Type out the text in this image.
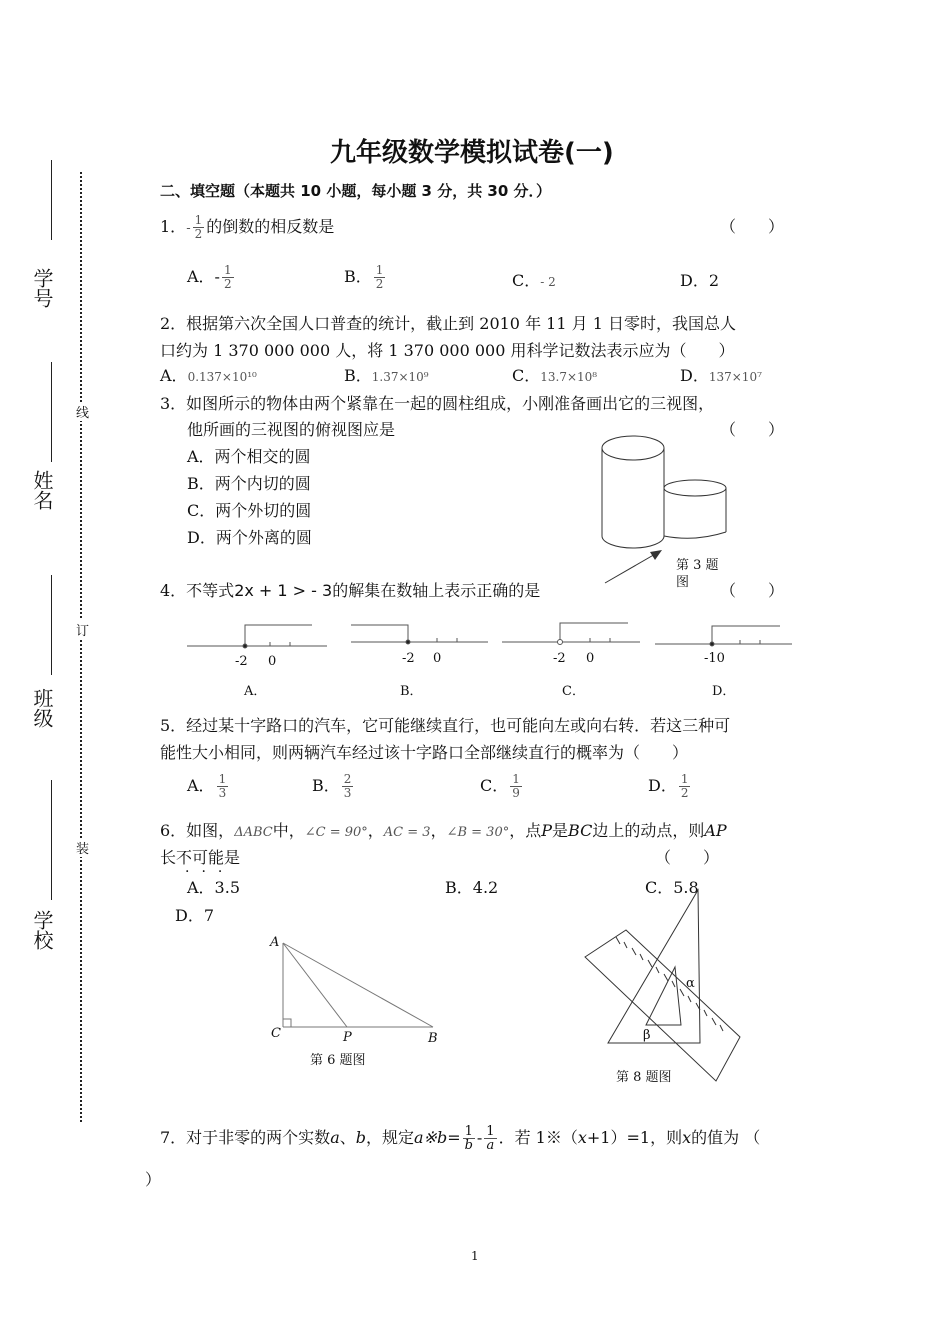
九年级数学模拟试卷(一)
二、填空题（本题共 10 小题，每小题 3 分，共 30 分．）
学号
姓名
班级
学校
线
订
装
1．- $\frac{1}{2}$ 的倒数的相反数是	（　　）
A．- $\frac{1}{2}$	B． $\frac{1}{2}$	C．- 2	D．2
2．根据第六次全国人口普查的统计，截止到 2010 年 11 月 1 日零时，我国总人
口约为 1 370 000 000 人，将 1 370 000 000 用科学记数法表示应为（　　）
A．0.137×10¹⁰	B．1.37×10⁹	C．13.7×10⁸	D．137×10⁷
3．如图所示的物体由两个紧靠在一起的圆柱组成，小刚准备画出它的三视图，
他所画的三视图的俯视图应是	（　　）
A．两个相交的圆
B．两个内切的圆
C．两个外切的圆
D．两个外离的圆
第 3 题
图
4．不等式2x + 1 > - 3的解集在数轴上表示正确的是	（　　）
-2 0
A．
-2 0
B．
-2 0
C．
-10
D．
5．经过某十字路口的汽车，它可能继续直行，也可能向左或向右转．若这三种可
能性大小相同，则两辆汽车经过该十字路口全部继续直行的概率为（　　）
A． $\frac{1}{3}$	B． $\frac{2}{3}$	C． $\frac{1}{9}$	D． $\frac{1}{2}$
6．如图，ΔABC中，∠C = 90°，AC = 3，∠B = 30°，点P是BC边上的动点，则AP
长不可能是
···
（　　）
A．3.5	B．4.2	C．5.8
D．7
A
C	P	B
第 6 题图
α
β
第 8 题图
7．对于非零的两个实数a、b，规定a※b= $\frac{1}{b} - \frac{1}{a}$ ．若 1※（x+1）=1，则x的值为 （
）
1
